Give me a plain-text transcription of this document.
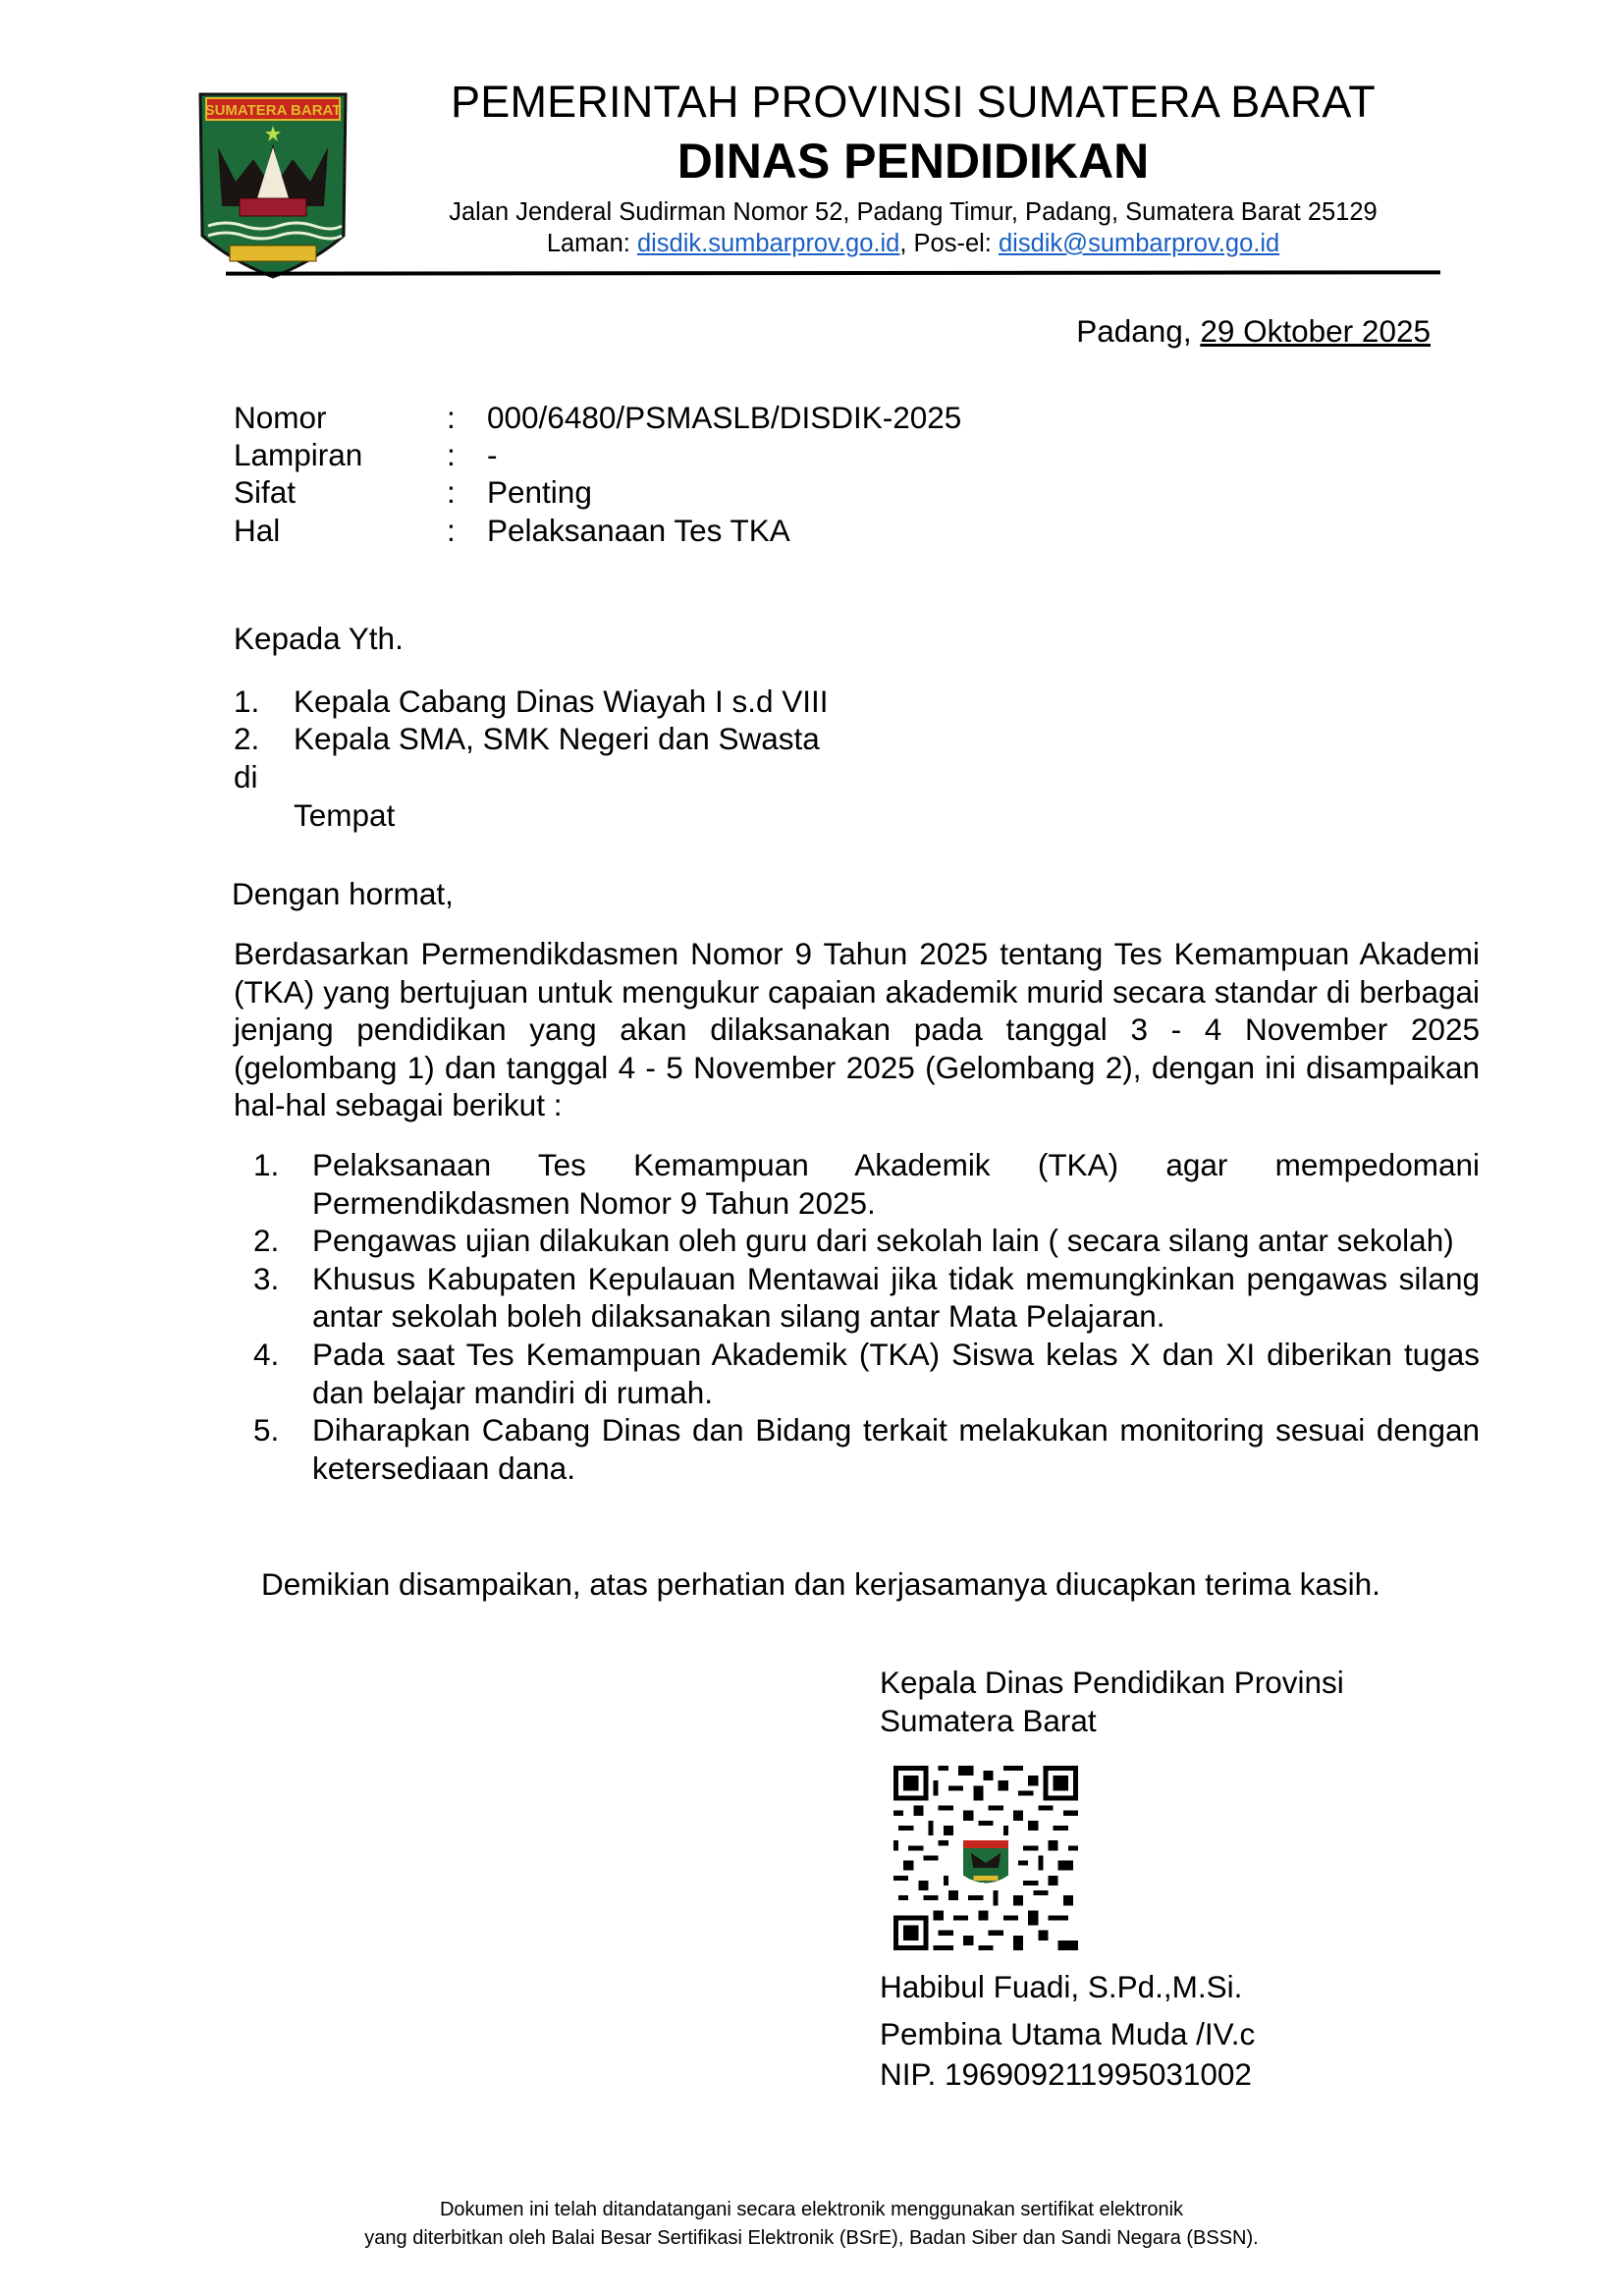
SUMATERA BARAT	PEMERINTAH PROVINSI SUMATERA BARAT
DINAS PENDIDIKAN
Jalan Jenderal Sudirman Nomor 52, Padang Timur, Padang, Sumatera Barat 25129
Laman: disdik.sumbarprov.go.id, Pos-el: disdik@sumbarprov.go.id
Padang, 29 Oktober 2025
Nomor	: 000/6480/PSMASLB/DISDIK-2025
Lampiran	: -
Sifat	: Penting
Hal	: Pelaksanaan Tes TKA
Kepada Yth.
1. Kepala Cabang Dinas Wiayah I s.d VIII
2. Kepala SMA, SMK Negeri dan Swasta
di
Tempat
Dengan hormat,
Berdasarkan Permendikdasmen Nomor 9 Tahun 2025 tentang Tes Kemampuan Akademi (TKA) yang bertujuan untuk mengukur capaian akademik murid secara standar di berbagai jenjang pendidikan yang akan dilaksanakan pada tanggal 3 - 4 November 2025 (gelombang 1) dan tanggal 4 - 5 November 2025 (Gelombang 2), dengan ini disampaikan hal-hal sebagai berikut :
1. Pelaksanaan Tes Kemampuan Akademik (TKA) agar mempedomani Permendikdasmen Nomor 9 Tahun 2025.
2. Pengawas ujian dilakukan oleh guru dari sekolah lain ( secara silang antar sekolah)
3. Khusus Kabupaten Kepulauan Mentawai jika tidak memungkinkan pengawas silang antar sekolah boleh dilaksanakan silang antar Mata Pelajaran.
4. Pada saat Tes Kemampuan Akademik (TKA) Siswa kelas X dan XI diberikan tugas dan belajar mandiri di rumah.
5. Diharapkan Cabang Dinas dan Bidang terkait melakukan monitoring sesuai dengan ketersediaan dana.
Demikian disampaikan, atas perhatian dan kerjasamanya diucapkan terima kasih.
Kepala Dinas Pendidikan Provinsi
Sumatera Barat
Habibul Fuadi, S.Pd.,M.Si.
Pembina Utama Muda /IV.c
NIP. 196909211995031002
Dokumen ini telah ditandatangani secara elektronik menggunakan sertifikat elektronik
yang diterbitkan oleh Balai Besar Sertifikasi Elektronik (BSrE), Badan Siber dan Sandi Negara (BSSN).
